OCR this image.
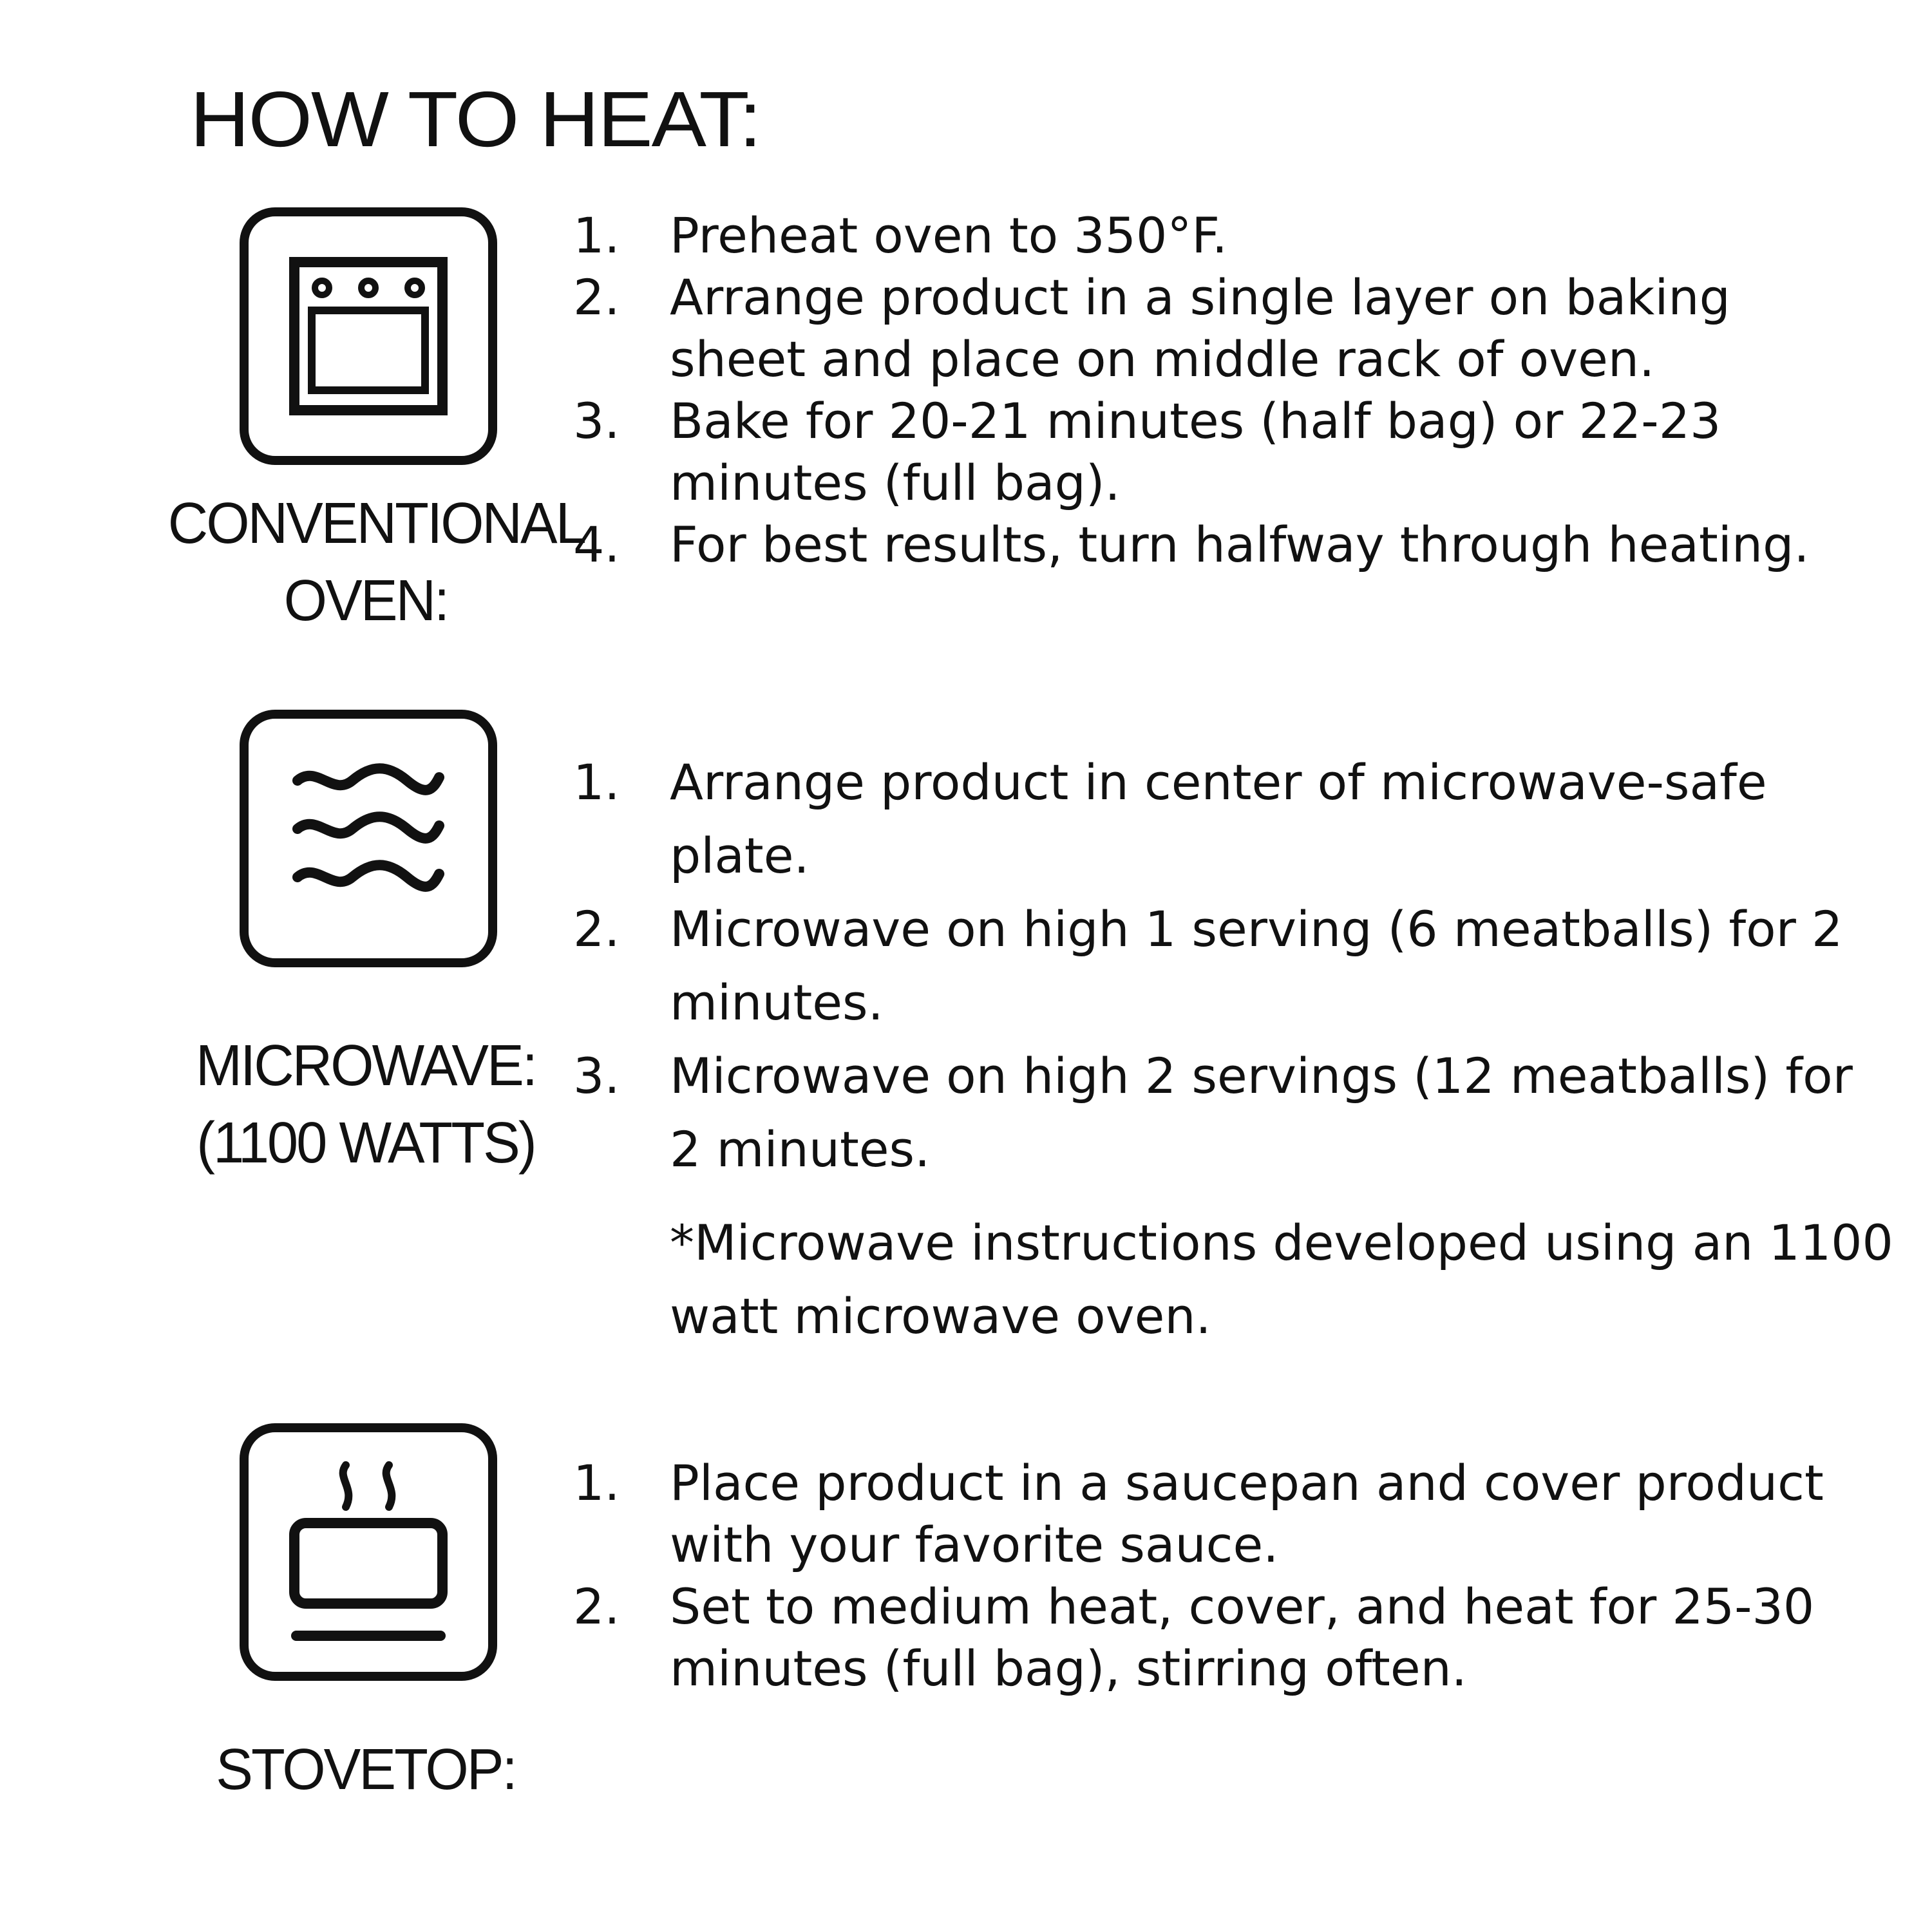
HOW TO HEAT:
CONVENTIONAL
OVEN:
1.	Preheat oven to 350°F.
2.	Arrange product in a single layer on baking sheet and place on middle rack of oven.
3.	Bake for 20-21 minutes (half bag) or 22-23 minutes (full bag).
4.	For best results, turn halfway through heating.
MICROWAVE:
(1100 WATTS)
1.	Arrange product in center of microwave-safe plate.
2.	Microwave on high 1 serving (6 meatballs) for 2 minutes.
3.	Microwave on high 2 servings (12 meatballs) for 2 minutes.

*Microwave instructions developed using an 1100 watt microwave oven.

STOVETOP:
1.	Place product in a saucepan and cover product with your favorite sauce.
2.	Set to medium heat, cover, and heat for 25-30 minutes (full bag), stirring often.
